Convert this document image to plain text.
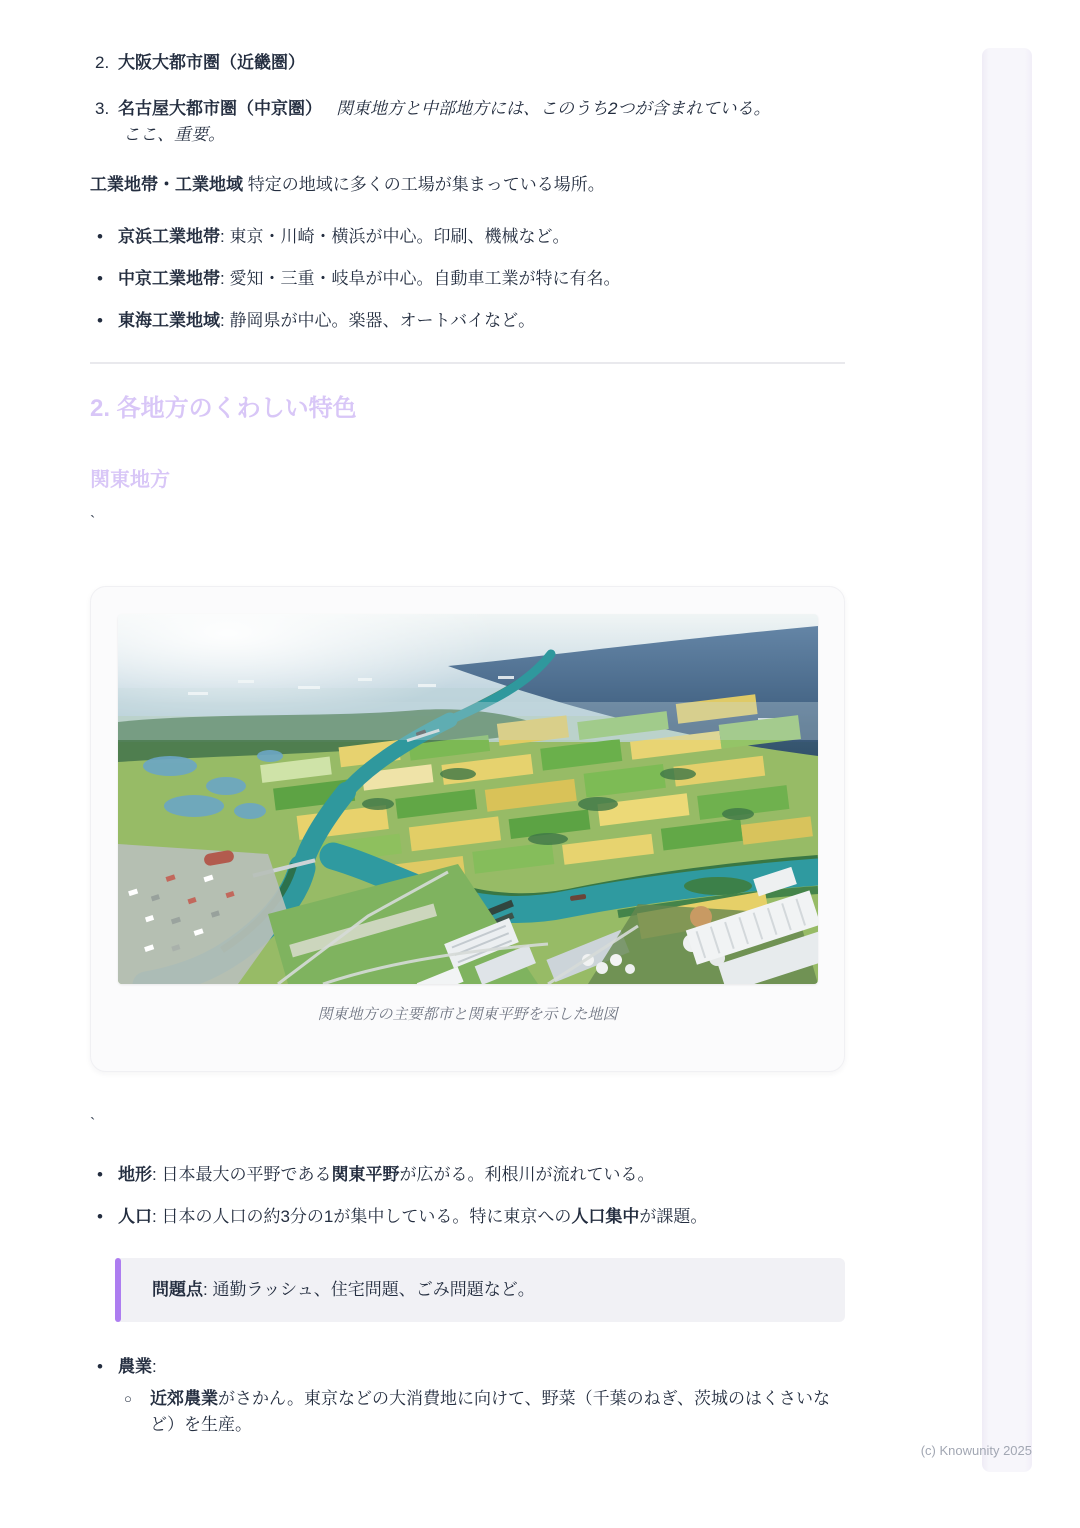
2. 大阪大都市圏（近畿圏）
3. 名古屋大都市圏（中京圏） 関東地方と中部地方には、このうち2つが含まれている。
ここ、重要。
工業地帯・工業地域 特定の地域に多くの工場が集まっている場所。
• 京浜工業地帯: 東京・川崎・横浜が中心。印刷、機械など。
• 中京工業地帯: 愛知・三重・岐阜が中心。自動車工業が特に有名。
• 東海工業地域: 静岡県が中心。楽器、オートバイなど。
2. 各地方のくわしい特色
関東地方
`
関東地方の主要都市と関東平野を示した地図
`
• 地形: 日本最大の平野である関東平野が広がる。利根川が流れている。
• 人口: 日本の人口の約3分の1が集中している。特に東京への人口集中が課題。
問題点: 通勤ラッシュ、住宅問題、ごみ問題など。
• 農業:
○	近郊農業がさかん。東京などの大消費地に向けて、野菜（千葉のねぎ、茨城のはくさいなど）を生産。
(c) Knowunity 2025
